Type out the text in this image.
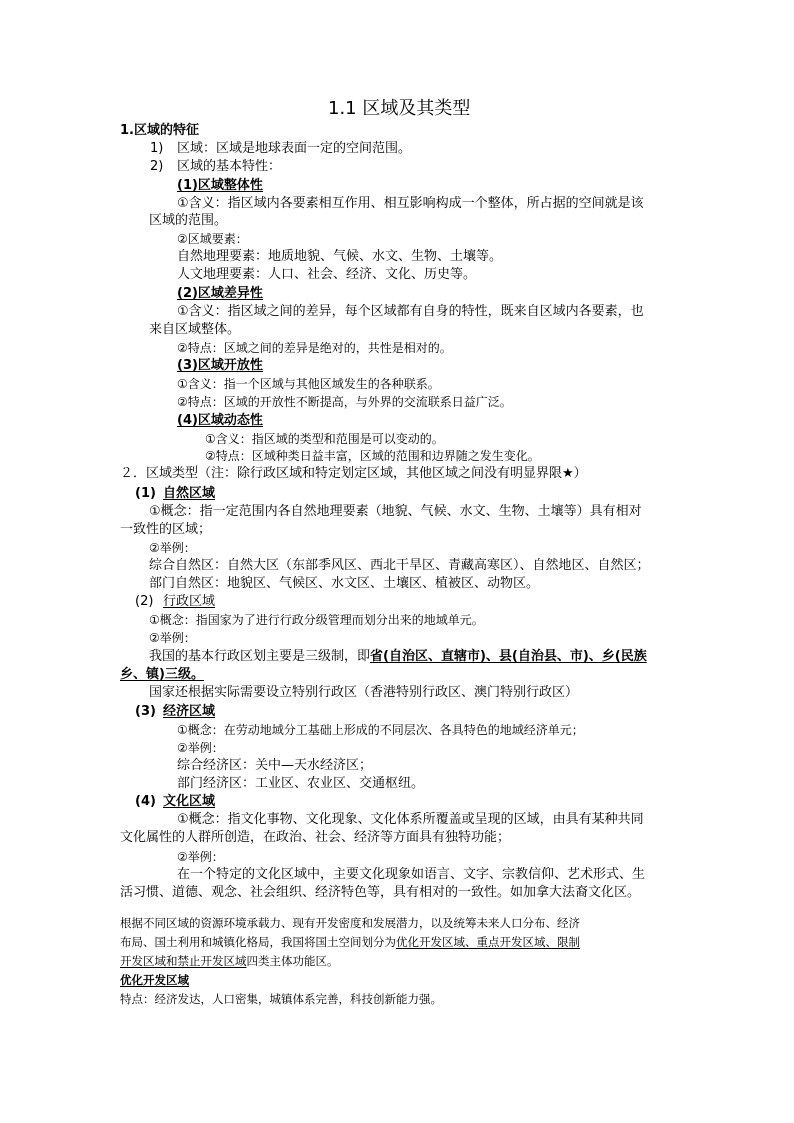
1.1 区域及其类型
1.区域的特征
1) 区域：区域是地球表面一定的空间范围。
2) 区域的基本特性：
(1)区域整体性
①含义：指区域内各要素相互作用、相互影响构成一个整体，所占据的空间就是该
区域的范围。
②区域要素：
自然地理要素：地质地貌、气候、水文、生物、土壤等。
人文地理要素：人口、社会、经济、文化、历史等。
(2)区域差异性
①含义：指区域之间的差异，每个区域都有自身的特性，既来自区域内各要素，也
来自区域整体。
②特点：区域之间的差异是绝对的，共性是相对的。
(3)区域开放性
①含义：指一个区域与其他区域发生的各种联系。
②特点：区域的开放性不断提高，与外界的交流联系日益广泛。
(4)区域动态性
①含义：指区域的类型和范围是可以变动的。
②特点：区域种类日益丰富，区域的范围和边界随之发生变化。
２．区域类型（注：除行政区域和特定划定区域，其他区域之间没有明显界限★）
(1) 自然区域
①概念：指一定范围内各自然地理要素（地貌、气候、水文、生物、土壤等）具有相对
一致性的区域；
②举例：
综合自然区：自然大区（东部季风区、西北干旱区、青藏高寒区）、自然地区、自然区；
部门自然区：地貌区、气候区、水文区、土壤区、植被区、动物区。
(2) 行政区域
①概念：指国家为了进行行政分级管理而划分出来的地域单元。
②举例：
我国的基本行政区划主要是三级制，即省(自治区、直辖市)、县(自治县、市)、乡(民族
乡、镇)三级。
国家还根据实际需要设立特别行政区（香港特别行政区、澳门特别行政区）
(3) 经济区域
①概念：在劳动地域分工基础上形成的不同层次、各具特色的地域经济单元；
②举例：
综合经济区：关中—天水经济区；
部门经济区：工业区、农业区、交通枢纽。
(4) 文化区域
①概念：指文化事物、文化现象、文化体系所覆盖或呈现的区域，由具有某种共同
文化属性的人群所创造，在政治、社会、经济等方面具有独特功能；
②举例：
在一个特定的文化区域中，主要文化现象如语言、文字、宗教信仰、艺术形式、生
活习惯、道德、观念、社会组织、经济特色等，具有相对的一致性。如加拿大法裔文化区。
根据不同区域的资源环境承载力、现有开发密度和发展潜力，以及统筹未来人口分布、经济
布局、国土利用和城镇化格局，我国将国土空间划分为优化开发区域、重点开发区域、限制
开发区域和禁止开发区域四类主体功能区。
优化开发区域
特点：经济发达，人口密集，城镇体系完善，科技创新能力强。
